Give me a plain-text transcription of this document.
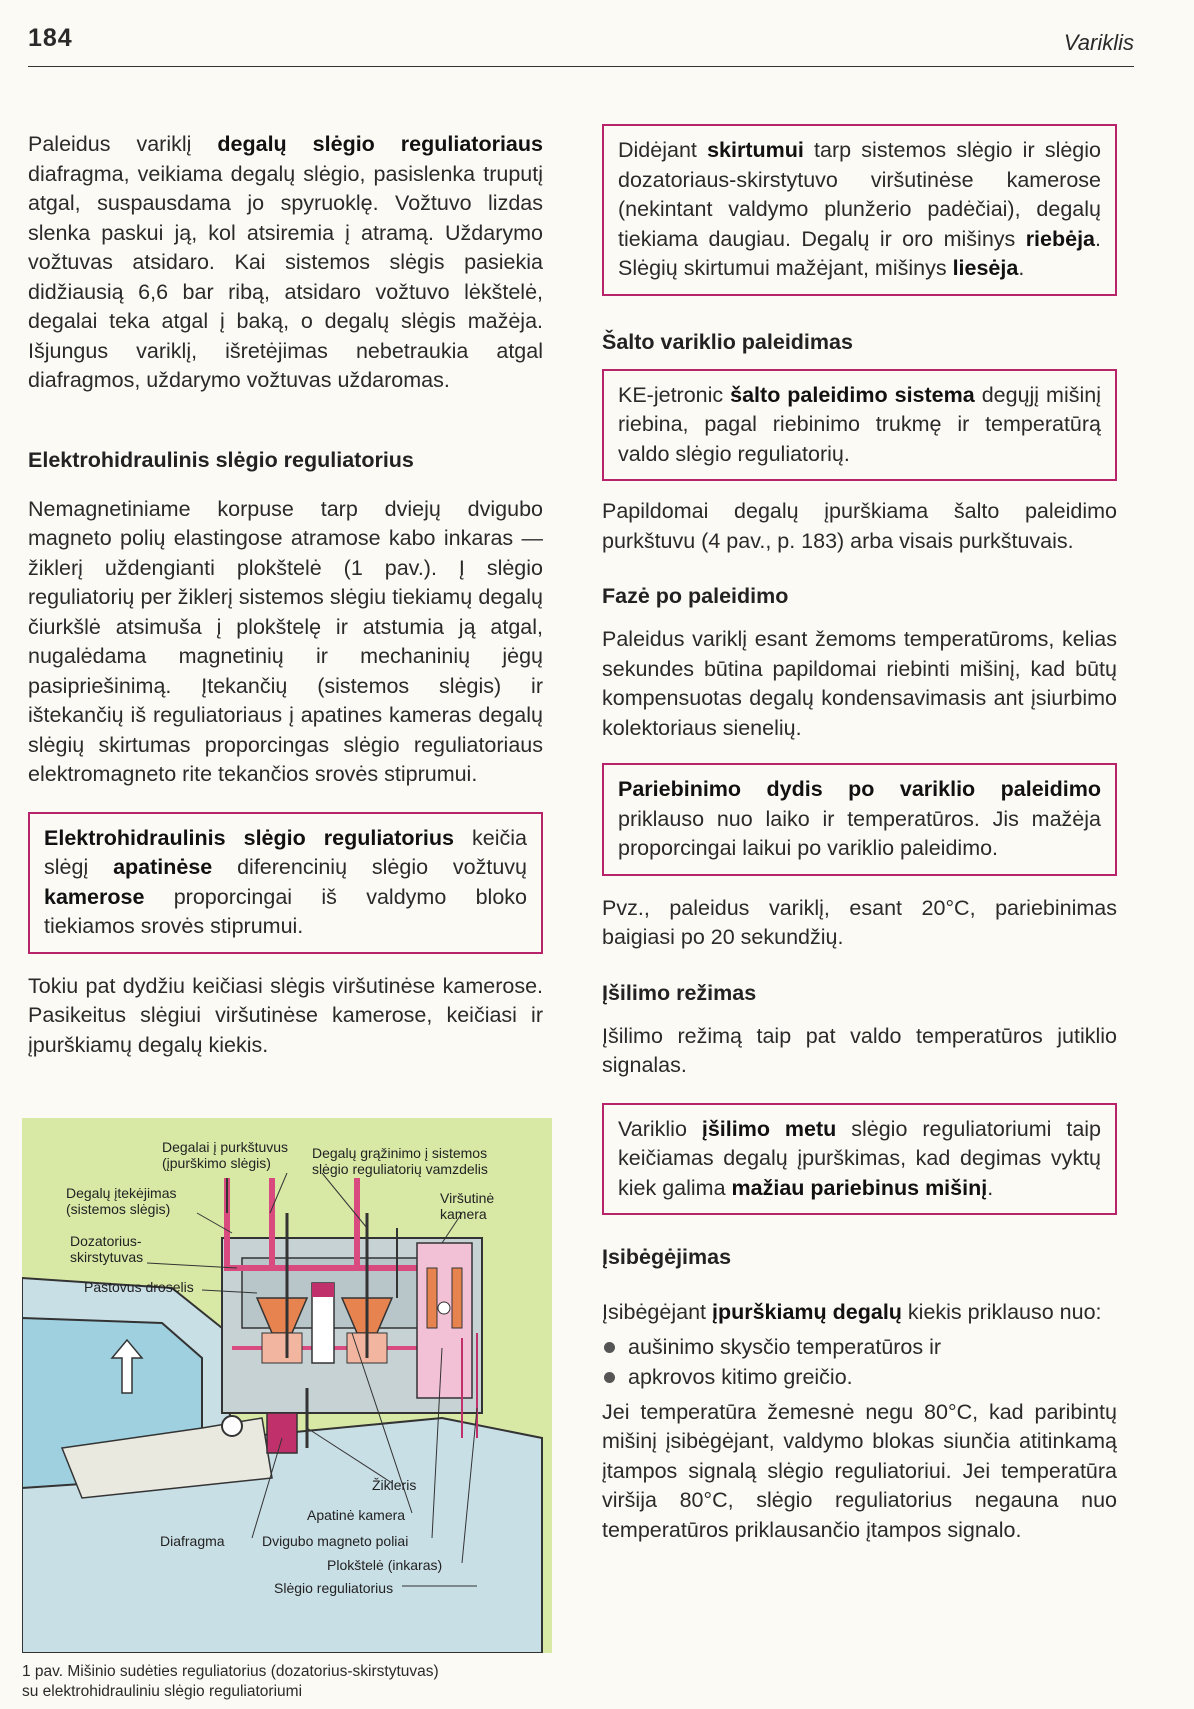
184	Variklis

Paleidus variklį degalų slėgio reguliatoriaus diafragma, veikiama degalų slėgio, pasislenka truputį atgal, suspausdama jo spyruoklę. Vožtuvo lizdas slenka paskui ją, kol atsiremia į atramą. Uždarymo vožtuvas atsidaro. Kai sistemos slėgis pasiekia didžiausią 6,6 bar ribą, atsidaro vožtuvo lėkštelė, degalai teka atgal į baką, o degalų slėgis mažėja. Išjungus variklį, išretėjimas nebetraukia atgal diafragmos, uždarymo vožtuvas uždaromas.

Elektrohidraulinis slėgio reguliatorius

Nemagnetiniame korpuse tarp dviejų dvigubo magneto polių elastingose atramose kabo inkaras — žiklerį uždengianti plokštelė (1 pav.). Į slėgio reguliatorių per žiklerį sistemos slėgiu tiekiamų degalų čiurkšlė atsimuša į plokštelę ir atstumia ją atgal, nugalėdama magnetinių ir mechaninių jėgų pasipriešinimą. Įtekančių (sistemos slėgis) ir ištekančių iš reguliatoriaus į apatines kameras degalų slėgių skirtumas proporcingas slėgio reguliatoriaus elektromagneto rite tekančios srovės stiprumui.

Elektrohidraulinis slėgio reguliatorius keičia slėgį apatinėse diferencinių slėgio vožtuvų kamerose proporcingai iš valdymo bloko tiekiamos srovės stiprumui.

Tokiu pat dydžiu keičiasi slėgis viršutinėse kamerose. Pasikeitus slėgiui viršutinėse kamerose, keičiasi ir įpurškiamų degalų kiekis.

Degalai į purkštuvus
(įpurškimo slėgis)
Degalų grąžinimo į sistemos
slėgio reguliatorių vamzdelis
Degalų įtekėjimas
(sistemos slėgis)
Viršutinė
kamera
Dozatorius-
skirstytuvas
Pastovus droselis
Žikleris
Apatinė kamera
Diafragma	Dvigubo magneto poliai
Plokštelė (inkaras)
Slėgio reguliatorius
1 pav. Mišinio sudėties reguliatorius (dozatorius-skirstytuvas)
su elektrohidrauliniu slėgio reguliatoriumi
Didėjant skirtumui tarp sistemos slėgio ir slėgio dozatoriaus-skirstytuvo viršutinėse kamerose (nekintant valdymo plunžerio padėčiai), degalų tiekiama daugiau. Degalų ir oro mišinys riebėja. Slėgių skirtumui mažėjant, mišinys liesėja.
Šalto variklio paleidimas
KE-jetronic šalto paleidimo sistema degųjį mišinį riebina, pagal riebinimo trukmę ir temperatūrą valdo slėgio reguliatorių.

Papildomai degalų įpurškiama šalto paleidimo purkštuvu (4 pav., p. 183) arba visais purkštuvais.

Fazė po paleidimo

Paleidus variklį esant žemoms temperatūroms, kelias sekundes būtina papildomai riebinti mišinį, kad būtų kompensuotas degalų kondensavimasis ant įsiurbimo kolektoriaus sienelių.

Pariebinimo dydis po variklio paleidimo priklauso nuo laiko ir temperatūros. Jis mažėja proporcingai laikui po variklio paleidimo.

Pvz., paleidus variklį, esant 20°C, pariebinimas baigiasi po 20 sekundžių.

Įšilimo režimas

Įšilimo režimą taip pat valdo temperatūros jutiklio signalas.

Variklio įšilimo metu slėgio reguliatoriumi taip keičiamas degalų įpurškimas, kad degimas vyktų kiek galima mažiau pariebinus mišinį.
Įsibėgėjimas

Įsibėgėjant įpurškiamų degalų kiekis priklauso nuo:

aušinimo skysčio temperatūros ir
apkrovos kitimo greičio.

Jei temperatūra žemesnė negu 80°C, kad paribintų mišinį įsibėgėjant, valdymo blokas siunčia atitinkamą įtampos signalą slėgio reguliatoriui. Jei temperatūra viršija 80°C, slėgio reguliatorius negauna nuo temperatūros priklausančio įtampos signalo.
